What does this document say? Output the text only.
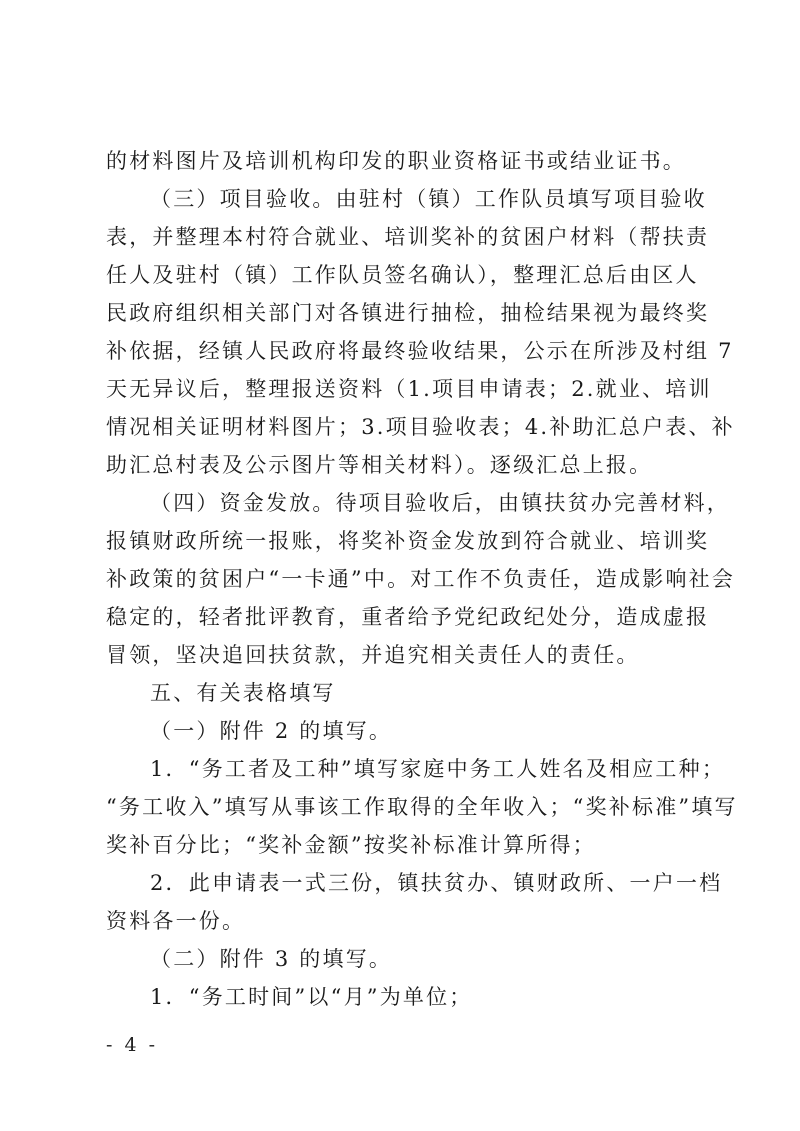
的材料图片及培训机构印发的职业资格证书或结业证书。
（三）项目验收。由驻村（镇）工作队员填写项目验收
表，并整理本村符合就业、培训奖补的贫困户材料（帮扶责
任人及驻村（镇）工作队员签名确认），整理汇总后由区人
民政府组织相关部门对各镇进行抽检，抽检结果视为最终奖
补依据，经镇人民政府将最终验收结果，公示在所涉及村组 7
天无异议后，整理报送资料（1.项目申请表；2.就业、培训
情况相关证明材料图片；3.项目验收表；4.补助汇总户表、补
助汇总村表及公示图片等相关材料）。逐级汇总上报。
（四）资金发放。待项目验收后，由镇扶贫办完善材料，
报镇财政所统一报账，将奖补资金发放到符合就业、培训奖
补政策的贫困户“一卡通”中。对工作不负责任，造成影响社会
稳定的，轻者批评教育，重者给予党纪政纪处分，造成虚报
冒领，坚决追回扶贫款，并追究相关责任人的责任。
五、有关表格填写
（一）附件 2 的填写。
1．“务工者及工种”填写家庭中务工人姓名及相应工种；
“务工收入”填写从事该工作取得的全年收入；“奖补标准”填写
奖补百分比；“奖补金额”按奖补标准计算所得；
2．此申请表一式三份，镇扶贫办、镇财政所、一户一档
资料各一份。
（二）附件 3 的填写。
1．“务工时间”以“月”为单位；
- 4 -
